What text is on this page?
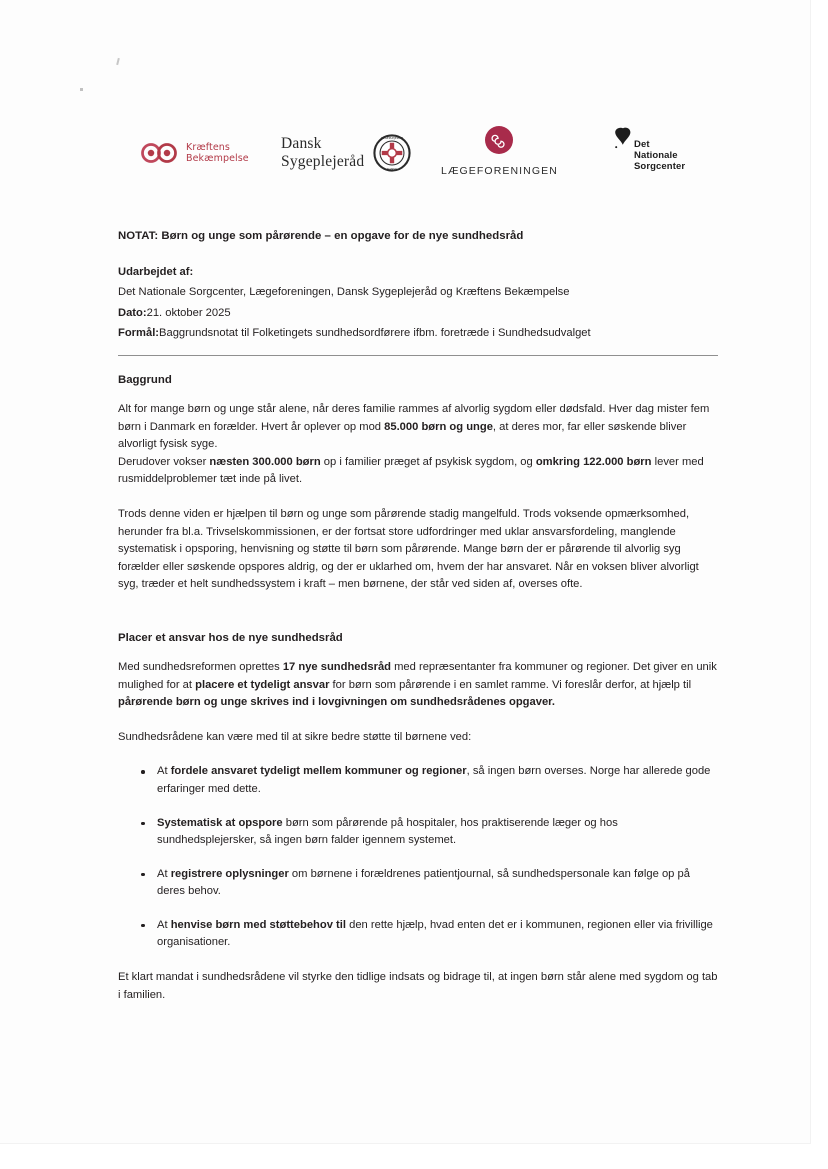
Kræftens
Bekæmpelse
Dansk
Sygeplejeråd
SYGEPLEJERÅD
DANSK	LÆGEFORENINGEN
Det
Nationale
Sorgcenter

NOTAT: Børn og unge som pårørende – en opgave for de nye sundhedsråd

Udarbejdet af:

Det Nationale Sorgcenter, Lægeforeningen, Dansk Sygeplejeråd og Kræftens Bekæmpelse

Dato:21. oktober 2025

Formål:Baggrundsnotat til Folketingets sundhedsordførere ifbm. foretræde i Sundhedsudvalget

Baggrund

Alt for mange børn og unge står alene, når deres familie rammes af alvorlig sygdom eller dødsfald. Hver dag mister fem børn i Danmark en forælder. Hvert år oplever op mod 85.000 børn og unge, at deres mor, far eller søskende bliver alvorligt fysisk syge.

Derudover vokser næsten 300.000 børn op i familier præget af psykisk sygdom, og omkring 122.000 børn lever med rusmiddelproblemer tæt inde på livet.

Trods denne viden er hjælpen til børn og unge som pårørende stadig mangelfuld. Trods voksende opmærksomhed, herunder fra bl.a. Trivselskommissionen, er der fortsat store udfordringer med uklar ansvarsfordeling, manglende systematisk i opsporing, henvisning og støtte til børn som pårørende. Mange børn der er pårørende til alvorlig syg forælder eller søskende opspores aldrig, og der er uklarhed om, hvem der har ansvaret. Når en voksen bliver alvorligt syg, træder et helt sundhedssystem i kraft – men børnene, der står ved siden af, overses ofte.

Placer et ansvar hos de nye sundhedsråd

Med sundhedsreformen oprettes 17 nye sundhedsråd med repræsentanter fra kommuner og regioner. Det giver en unik mulighed for at placere et tydeligt ansvar for børn som pårørende i en samlet ramme. Vi foreslår derfor, at hjælp til pårørende børn og unge skrives ind i lovgivningen om sundhedsrådenes opgaver.

Sundhedsrådene kan være med til at sikre bedre støtte til børnene ved:

At fordele ansvaret tydeligt mellem kommuner og regioner, så ingen børn overses. Norge har allerede gode erfaringer med dette.
Systematisk at opspore børn som pårørende på hospitaler, hos praktiserende læger og hos sundhedsplejersker, så ingen børn falder igennem systemet.
At registrere oplysninger om børnene i forældrenes patientjournal, så sundhedspersonale kan følge op på deres behov.
At henvise børn med støttebehov til den rette hjælp, hvad enten det er i kommunen, regionen eller via frivillige organisationer.

Et klart mandat i sundhedsrådene vil styrke den tidlige indsats og bidrage til, at ingen børn står alene med sygdom og tab i familien.
